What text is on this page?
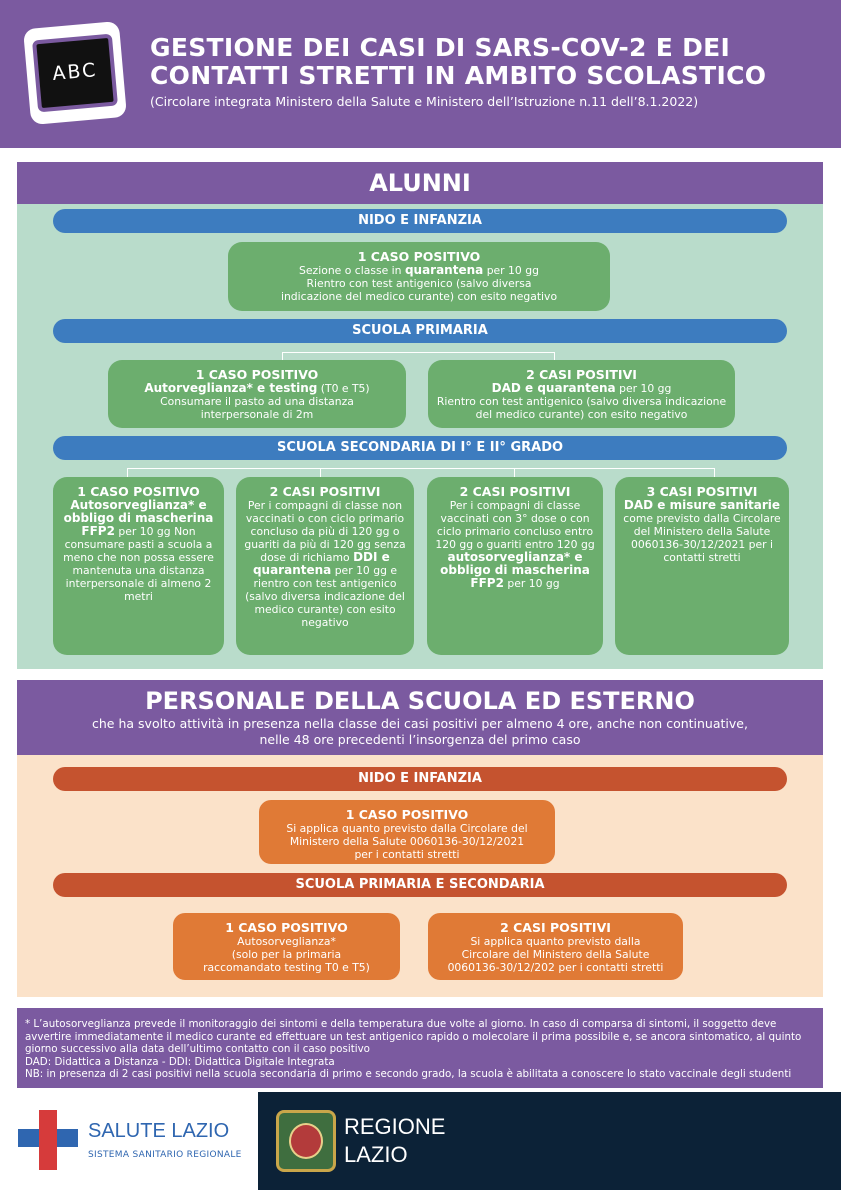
ABC
GESTIONE DEI CASI DI SARS-COV-2 E DEI CONTATTI STRETTI IN AMBITO SCOLASTICO
(Circolare integrata Ministero della Salute e Ministero dell’Istruzione n.11 dell’8.1.2022)
ALUNNI
NIDO E INFANZIA
1 CASO POSITIVO
Sezione o classe in quarantena per 10 gg
Rientro con test antigenico (salvo diversa
indicazione del medico curante) con esito negativo
SCUOLA PRIMARIA
1 CASO POSITIVO
Autorveglianza* e testing (T0 e T5)
Consumare il pasto ad una distanza
interpersonale di 2m
2 CASI POSITIVI
DAD e quarantena per 10 gg
Rientro con test antigenico (salvo diversa indicazione
del medico curante) con esito negativo
SCUOLA SECONDARIA DI I° E II° GRADO
1 CASO POSITIVO
Autosorveglianza* e obbligo di mascherina FFP2 per 10 gg Non consumare pasti a scuola a meno che non possa essere mantenuta una distanza interpersonale di almeno 2 metri
2 CASI POSITIVI
Per i compagni di classe non vaccinati o con ciclo primario concluso da più di 120 gg o guariti da più di 120 gg senza dose di richiamo DDI e quarantena per 10 gg e rientro con test antigenico (salvo diversa indicazione del medico curante) con esito negativo
2 CASI POSITIVI
Per i compagni di classe vaccinati con 3° dose o con ciclo primario concluso entro 120 gg o guariti entro 120 gg autosorveglianza* e obbligo di mascherina FFP2 per 10 gg
3 CASI POSITIVI
DAD e misure sanitarie
come previsto dalla Circolare del Ministero della Salute 0060136-30/12/2021 per i contatti stretti
PERSONALE DELLA SCUOLA ED ESTERNO
che ha svolto attività in presenza nella classe dei casi positivi per almeno 4 ore, anche non continuative,
nelle 48 ore precedenti l’insorgenza del primo caso
NIDO E INFANZIA
1 CASO POSITIVO
Si applica quanto previsto dalla Circolare del
Ministero della Salute 0060136-30/12/2021
per i contatti stretti
SCUOLA PRIMARIA E SECONDARIA
1 CASO POSITIVO
Autosorveglianza*
(solo per la primaria
raccomandato testing T0 e T5)
2 CASI POSITIVI
Si applica quanto previsto dalla
Circolare del Ministero della Salute
0060136-30/12/202 per i contatti stretti

* L’autosorveglianza prevede il monitoraggio dei sintomi e della temperatura due volte al giorno. In caso di comparsa di sintomi, il soggetto deve avvertire immediatamente il medico curante ed effettuare un test antigenico rapido o molecolare il prima possibile e, se ancora sintomatico, al quinto giorno successivo alla data dell’ultimo contatto con il caso positivo

DAD: Didattica a Distanza - DDI: Didattica Digitale Integrata

NB: in presenza di 2 casi positivi nella scuola secondaria di primo e secondo grado, la scuola è abilitata a conoscere lo stato vaccinale degli studenti

SALUTE LAZIO
SISTEMA SANITARIO REGIONALE
REGIONE
LAZIO
